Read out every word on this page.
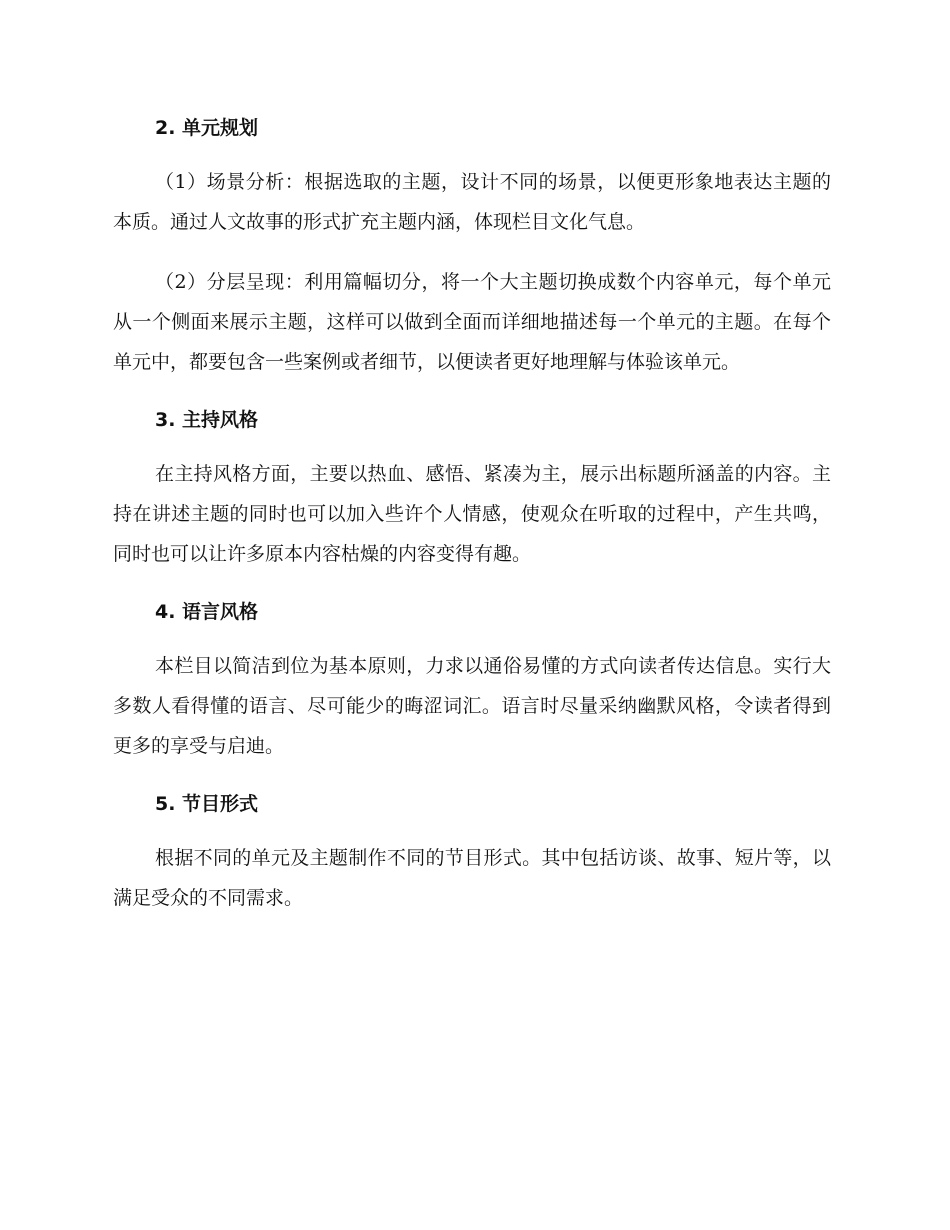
2. 单元规划

（1）场景分析：根据选取的主题，设计不同的场景，以便更形象地表达主题的本质。通过人文故事的形式扩充主题内涵，体现栏目文化气息。

（2）分层呈现：利用篇幅切分，将一个大主题切换成数个内容单元，每个单元从一个侧面来展示主题，这样可以做到全面而详细地描述每一个单元的主题。在每个单元中，都要包含一些案例或者细节，以便读者更好地理解与体验该单元。

3. 主持风格

在主持风格方面，主要以热血、感悟、紧凑为主，展示出标题所涵盖的内容。主持在讲述主题的同时也可以加入些许个人情感，使观众在听取的过程中，产生共鸣，同时也可以让许多原本内容枯燥的内容变得有趣。

4. 语言风格

本栏目以简洁到位为基本原则，力求以通俗易懂的方式向读者传达信息。实行大多数人看得懂的语言、尽可能少的晦涩词汇。语言时尽量采纳幽默风格，令读者得到更多的享受与启迪。

5. 节目形式

根据不同的单元及主题制作不同的节目形式。其中包括访谈、故事、短片等，以满足受众的不同需求。
